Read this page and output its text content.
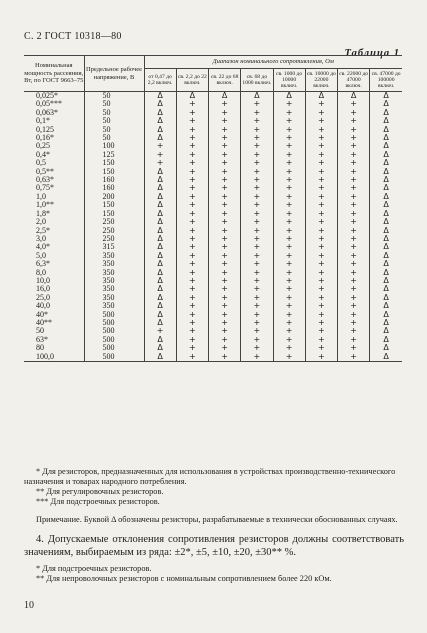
С. 2 ГОСТ 10318—80
Таблица 1
Номинальная мощность рассеяния, Вт, по ГОСТ 9663–75	Предельное рабочее напряжение, В	Диапазон номинального сопротивления, Ом							
		от 0,47 до 2,2 включ.	св. 2,2 до 22 включ.	св. 22 до 68 включ.	св. 68 до 1000 включ.	св. 1000 до 10000 включ.	св. 10000 до 22000 включ.	св. 22000 до 47000 включ.	св. 47000 до 100000 включ.
0,025*	50	Δ	Δ	Δ	Δ	Δ	Δ	Δ	Δ
0,05***	50	Δ	+	+	+	+	+	+	Δ
0,063*	50	Δ	+	+	+	+	+	+	Δ
0,1*	50	Δ	+	+	+	+	+	+	Δ
0,125	50	Δ	+	+	+	+	+	+	Δ
0,16*	50	Δ	+	+	+	+	+	+	Δ
0,25	100	+	+	+	+	+	+	+	Δ
0,4*	125	+	+	+	+	+	+	+	Δ
0,5	150	+	+	+	+	+	+	+	Δ
0,5**	150	Δ	+	+	+	+	+	+	Δ
0,63*	160	Δ	+	+	+	+	+	+	Δ
0,75*	160	Δ	+	+	+	+	+	+	Δ
1,0	200	Δ	+	+	+	+	+	+	Δ
1,0**	150	Δ	+	+	+	+	+	+	Δ
1,8*	150	Δ	+	+	+	+	+	+	Δ
2,0	250	Δ	+	+	+	+	+	+	Δ
2,5*	250	Δ	+	+	+	+	+	+	Δ
3,0	250	Δ	+	+	+	+	+	+	Δ
4,0*	315	Δ	+	+	+	+	+	+	Δ
5,0	350	Δ	+	+	+	+	+	+	Δ
6,3*	350	Δ	+	+	+	+	+	+	Δ
8,0	350	Δ	+	+	+	+	+	+	Δ
10,0	350	Δ	+	+	+	+	+	+	Δ
16,0	350	Δ	+	+	+	+	+	+	Δ
25,0	350	Δ	+	+	+	+	+	+	Δ
40,0	350	Δ	+	+	+	+	+	+	Δ
40*	500	Δ	+	+	+	+	+	+	Δ
40**	500	Δ	+	+	+	+	+	+	Δ
50	500	+	+	+	+	+	+	+	Δ
63*	500	Δ	+	+	+	+	+	+	Δ
80	500	Δ	+	+	+	+	+	+	Δ
100,0	500	Δ	+	+	+	+	+	+	Δ
* Для резисторов, предназначенных для использования в устройствах производственно-технического назначения и товарах народного потребления.
** Для регулировочных резисторов.
*** Для подстроечных резисторов.
Примечание. Буквой Δ обозначены резисторы, разрабатываемые в технически обоснованных случаях.
4. Допускаемые отклонения сопротивления резисторов должны соответствовать значениям, выбираемым из ряда: ±2*, ±5, ±10, ±20, ±30** %.
* Для подстроечных резисторов.
** Для непроволочных резисторов с номинальным сопротивлением более 220 кОм.
10
